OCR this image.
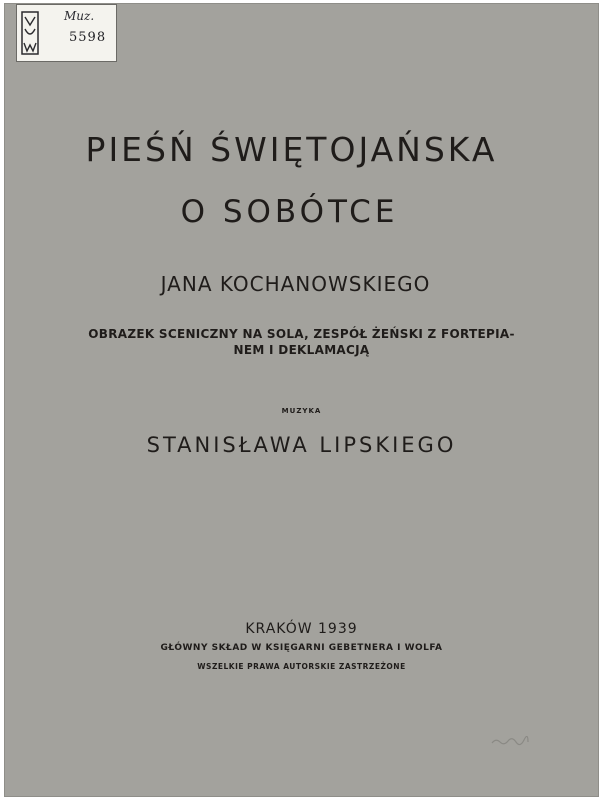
Muz.
5598
PIEŚŃ ŚWIĘTOJAŃSKA
O SOBÓTCE
JANA KOCHANOWSKIEGO
OBRAZEK SCENICZNY NA SOLA, ZESPÓŁ ŻEŃSKI Z FORTEPIA-
NEM I DEKLAMACJĄ
MUZYKA
STANISŁAWA LIPSKIEGO
KRAKÓW 1939
GŁÓWNY SKŁAD W KSIĘGARNI GEBETNERA I WOLFA
WSZELKIE PRAWA AUTORSKIE ZASTRZEŻONE
